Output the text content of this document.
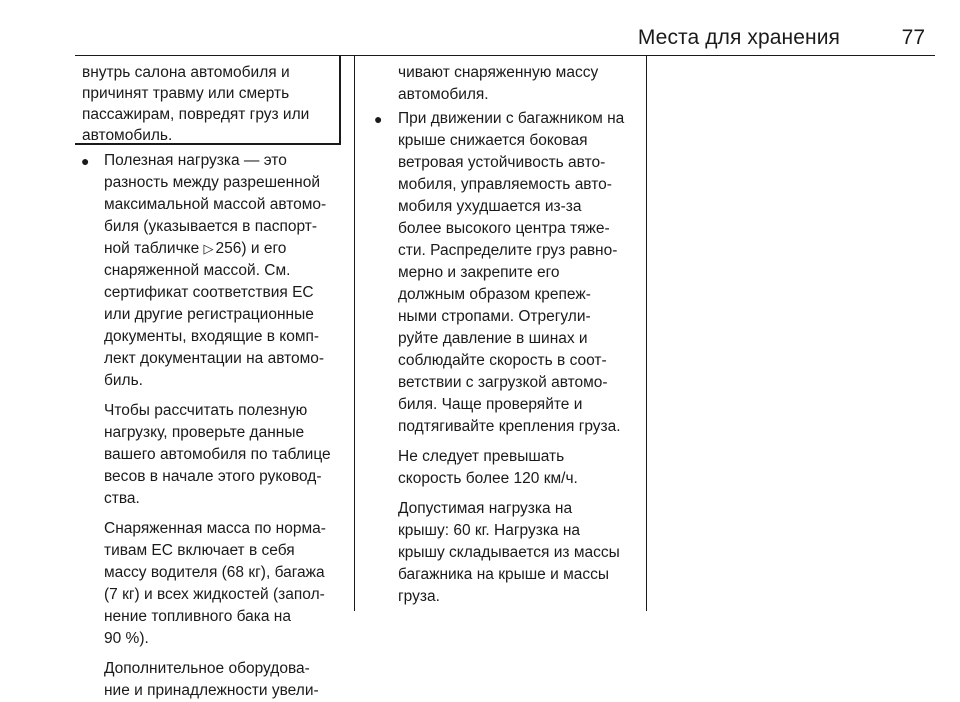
Места для хранения	77
внутрь салона автомобиля и
причинят травму или смерть
пассажирам, повредят груз или
автомобиль.
● Полезная нагрузка — это
разность между разрешенной
максимальной массой автомо-
биля (указывается в паспорт-
ной табличке ▷ 256) и его
снаряженной массой. См.
сертификат соответствия ЕС
или другие регистрационные
документы, входящие в комп-
лект документации на автомо-
биль.
Чтобы рассчитать полезную
нагрузку, проверьте данные
вашего автомобиля по таблице
весов в начале этого руковод-
ства.
Снаряженная масса по норма-
тивам ЕС включает в себя
массу водителя (68 кг), багажа
(7 кг) и всех жидкостей (запол-
нение топливного бака на
90 %).
Дополнительное оборудова-
ние и принадлежности увели-
чивают снаряженную массу
автомобиля.
● При движении с багажником на
крыше снижается боковая
ветровая устойчивость авто-
мобиля, управляемость авто-
мобиля ухудшается из-за
более высокого центра тяже-
сти. Распределите груз равно-
мерно и закрепите его
должным образом крепеж-
ными стропами. Отрегули-
руйте давление в шинах и
соблюдайте скорость в соот-
ветствии с загрузкой автомо-
биля. Чаще проверяйте и
подтягивайте крепления груза.
Не следует превышать
скорость более 120 км/ч.
Допустимая нагрузка на
крышу: 60 кг. Нагрузка на
крышу складывается из массы
багажника на крыше и массы
груза.
